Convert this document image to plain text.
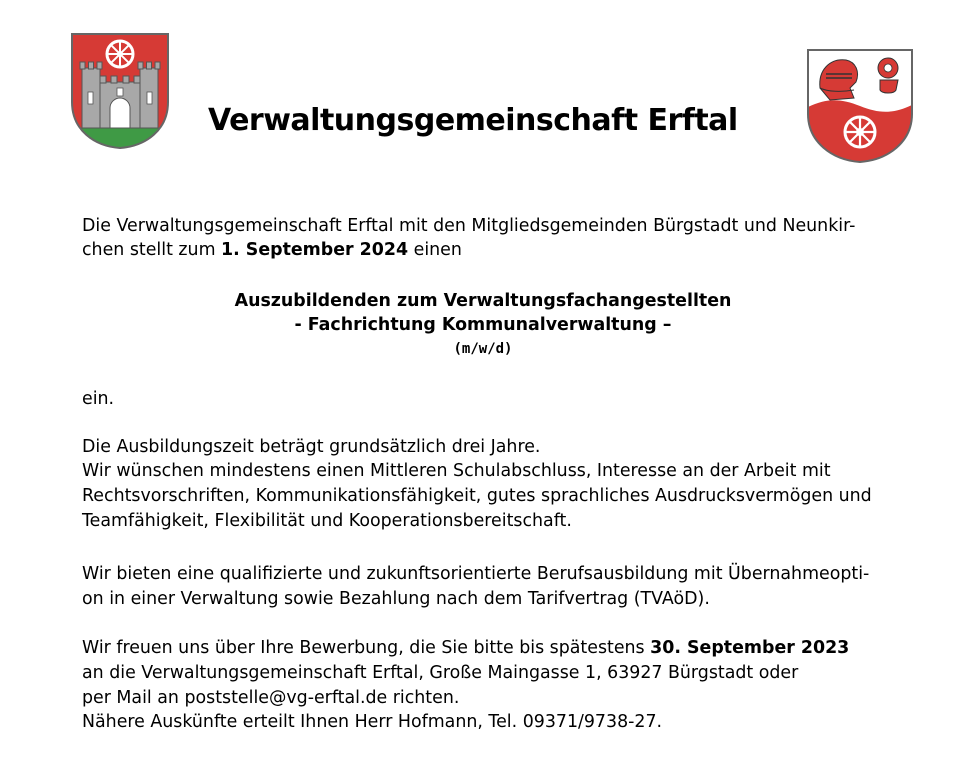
Verwaltungsgemeinschaft Erftal
Die Verwaltungsgemeinschaft Erftal mit den Mitgliedsgemeinden Bürgstadt und Neunkir-
chen stellt zum 1. September 2024 einen
Auszubildenden zum Verwaltungsfachangestellten
- Fachrichtung Kommunalverwaltung –
(m/w/d)
ein.
Die Ausbildungszeit beträgt grundsätzlich drei Jahre.
Wir wünschen mindestens einen Mittleren Schulabschluss, Interesse an der Arbeit mit
Rechtsvorschriften, Kommunikationsfähigkeit, gutes sprachliches Ausdrucksvermögen und
Teamfähigkeit, Flexibilität und Kooperationsbereitschaft.
Wir bieten eine qualifizierte und zukunftsorientierte Berufsausbildung mit Übernahmeopti-
on in einer Verwaltung sowie Bezahlung nach dem Tarifvertrag (TVAöD).
Wir freuen uns über Ihre Bewerbung, die Sie bitte bis spätestens 30. September 2023
an die Verwaltungsgemeinschaft Erftal, Große Maingasse 1, 63927 Bürgstadt oder
per Mail an poststelle@vg-erftal.de richten.
Nähere Auskünfte erteilt Ihnen Herr Hofmann, Tel. 09371/9738-27.
